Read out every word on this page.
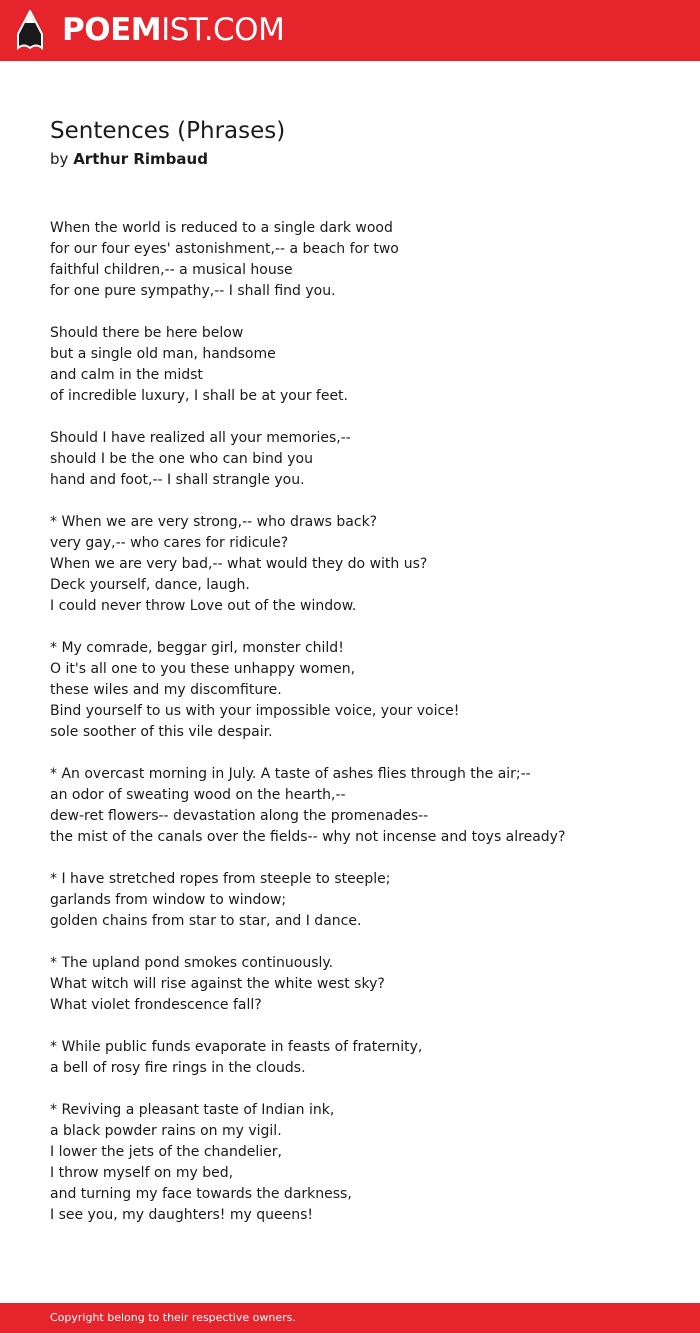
POEMIST.COM
Sentences (Phrases)
by Arthur Rimbaud
When the world is reduced to a single dark wood
for our four eyes' astonishment,-- a beach for two
faithful children,-- a musical house
for one pure sympathy,-- I shall find you.
Should there be here below
but a single old man, handsome
and calm in the midst
of incredible luxury, I shall be at your feet.
Should I have realized all your memories,--
should I be the one who can bind you
hand and foot,-- I shall strangle you.
* When we are very strong,-- who draws back?
very gay,-- who cares for ridicule?
When we are very bad,-- what would they do with us?
Deck yourself, dance, laugh.
I could never throw Love out of the window.
* My comrade, beggar girl, monster child!
O it's all one to you these unhappy women,
these wiles and my discomfiture.
Bind yourself to us with your impossible voice, your voice!
sole soother of this vile despair.
* An overcast morning in July. A taste of ashes flies through the air;--
an odor of sweating wood on the hearth,--
dew-ret flowers-- devastation along the promenades--
the mist of the canals over the fields-- why not incense and toys already?
* I have stretched ropes from steeple to steeple;
garlands from window to window;
golden chains from star to star, and I dance.
* The upland pond smokes continuously.
What witch will rise against the white west sky?
What violet frondescence fall?
* While public funds evaporate in feasts of fraternity,
a bell of rosy fire rings in the clouds.
* Reviving a pleasant taste of Indian ink,
a black powder rains on my vigil.
I lower the jets of the chandelier,
I throw myself on my bed,
and turning my face towards the darkness,
I see you, my daughters! my queens!
Copyright belong to their respective owners.
